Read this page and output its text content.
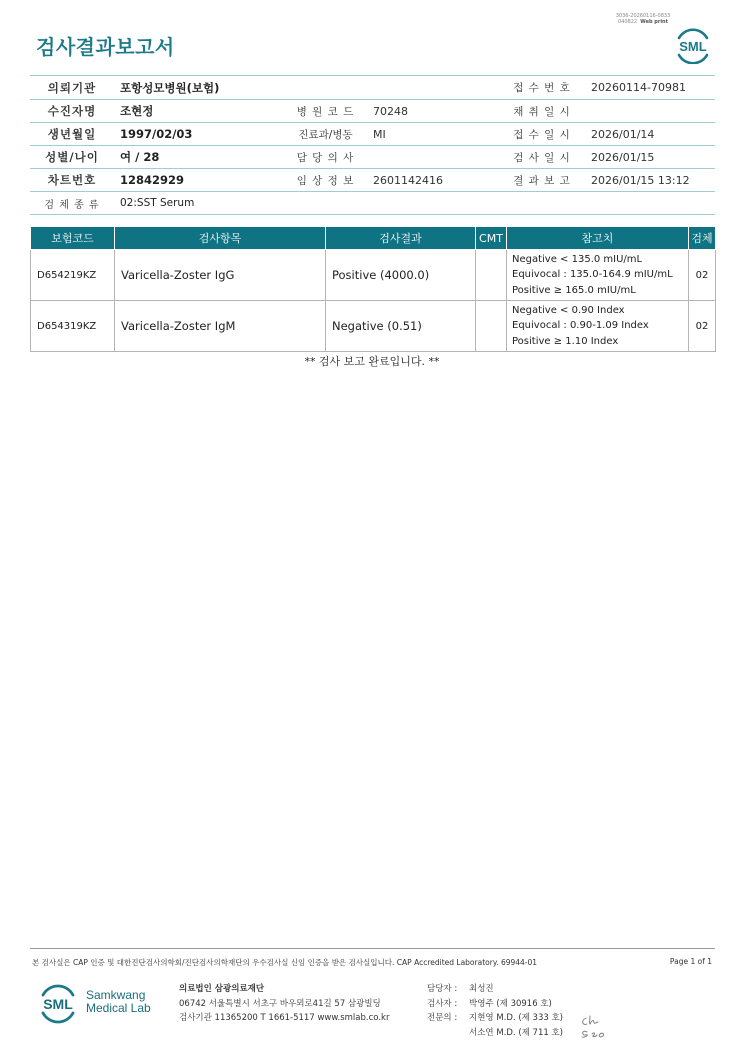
3036-20260116-0833
040822 Web print
검사결과보고서	SML
의뢰기관	포항성모병원(보험)			접 수 번 호	20260114-70981
수진자명	조현정	병 원 코 드	70248	채 취 일 시	
생년월일	1997/02/03	진료과/병동	MI	접 수 일 시	2026/01/14
성별/나이	여 / 28	담 당 의 사		검 사 일 시	2026/01/15
차트번호	12842929	임 상 정 보	2601142416	결 과 보 고	2026/01/15 13:12
검 체 종 류	02:SST Serum				
보험코드	검사항목	검사결과	CMT	참고치	검체
D654219KZ	Varicella-Zoster IgG	Positive (4000.0)		Negative < 135.0 mIU/mL
Equivocal : 135.0-164.9 mIU/mL
Positive ≥ 165.0 mIU/mL	02
D654319KZ	Varicella-Zoster IgM	Negative (0.51)		Negative < 0.90 Index
Equivocal : 0.90-1.09 Index
Positive ≥ 1.10 Index	02
** 검사 보고 완료입니다. **
본 검사실은 CAP 인증 및 대한진단검사의학회/진단검사의학재단의 우수검사실 신임 인증을 받은 검사실입니다. CAP Accredited Laboratory. 69944-01	Page 1 of 1
SML
Samkwang
Medical Lab
의료법인 삼광의료재단
06742 서울특별시 서초구 바우뫼로41길 57 삼광빌딩
검사기관 11365200 T 1661-5117 www.smlab.co.kr
담당자 : 최성진
검사자 : 박영주 (제 30916 호)
전문의 : 지현영 M.D. (제 333 호)
서소연 M.D. (제 711 호)
